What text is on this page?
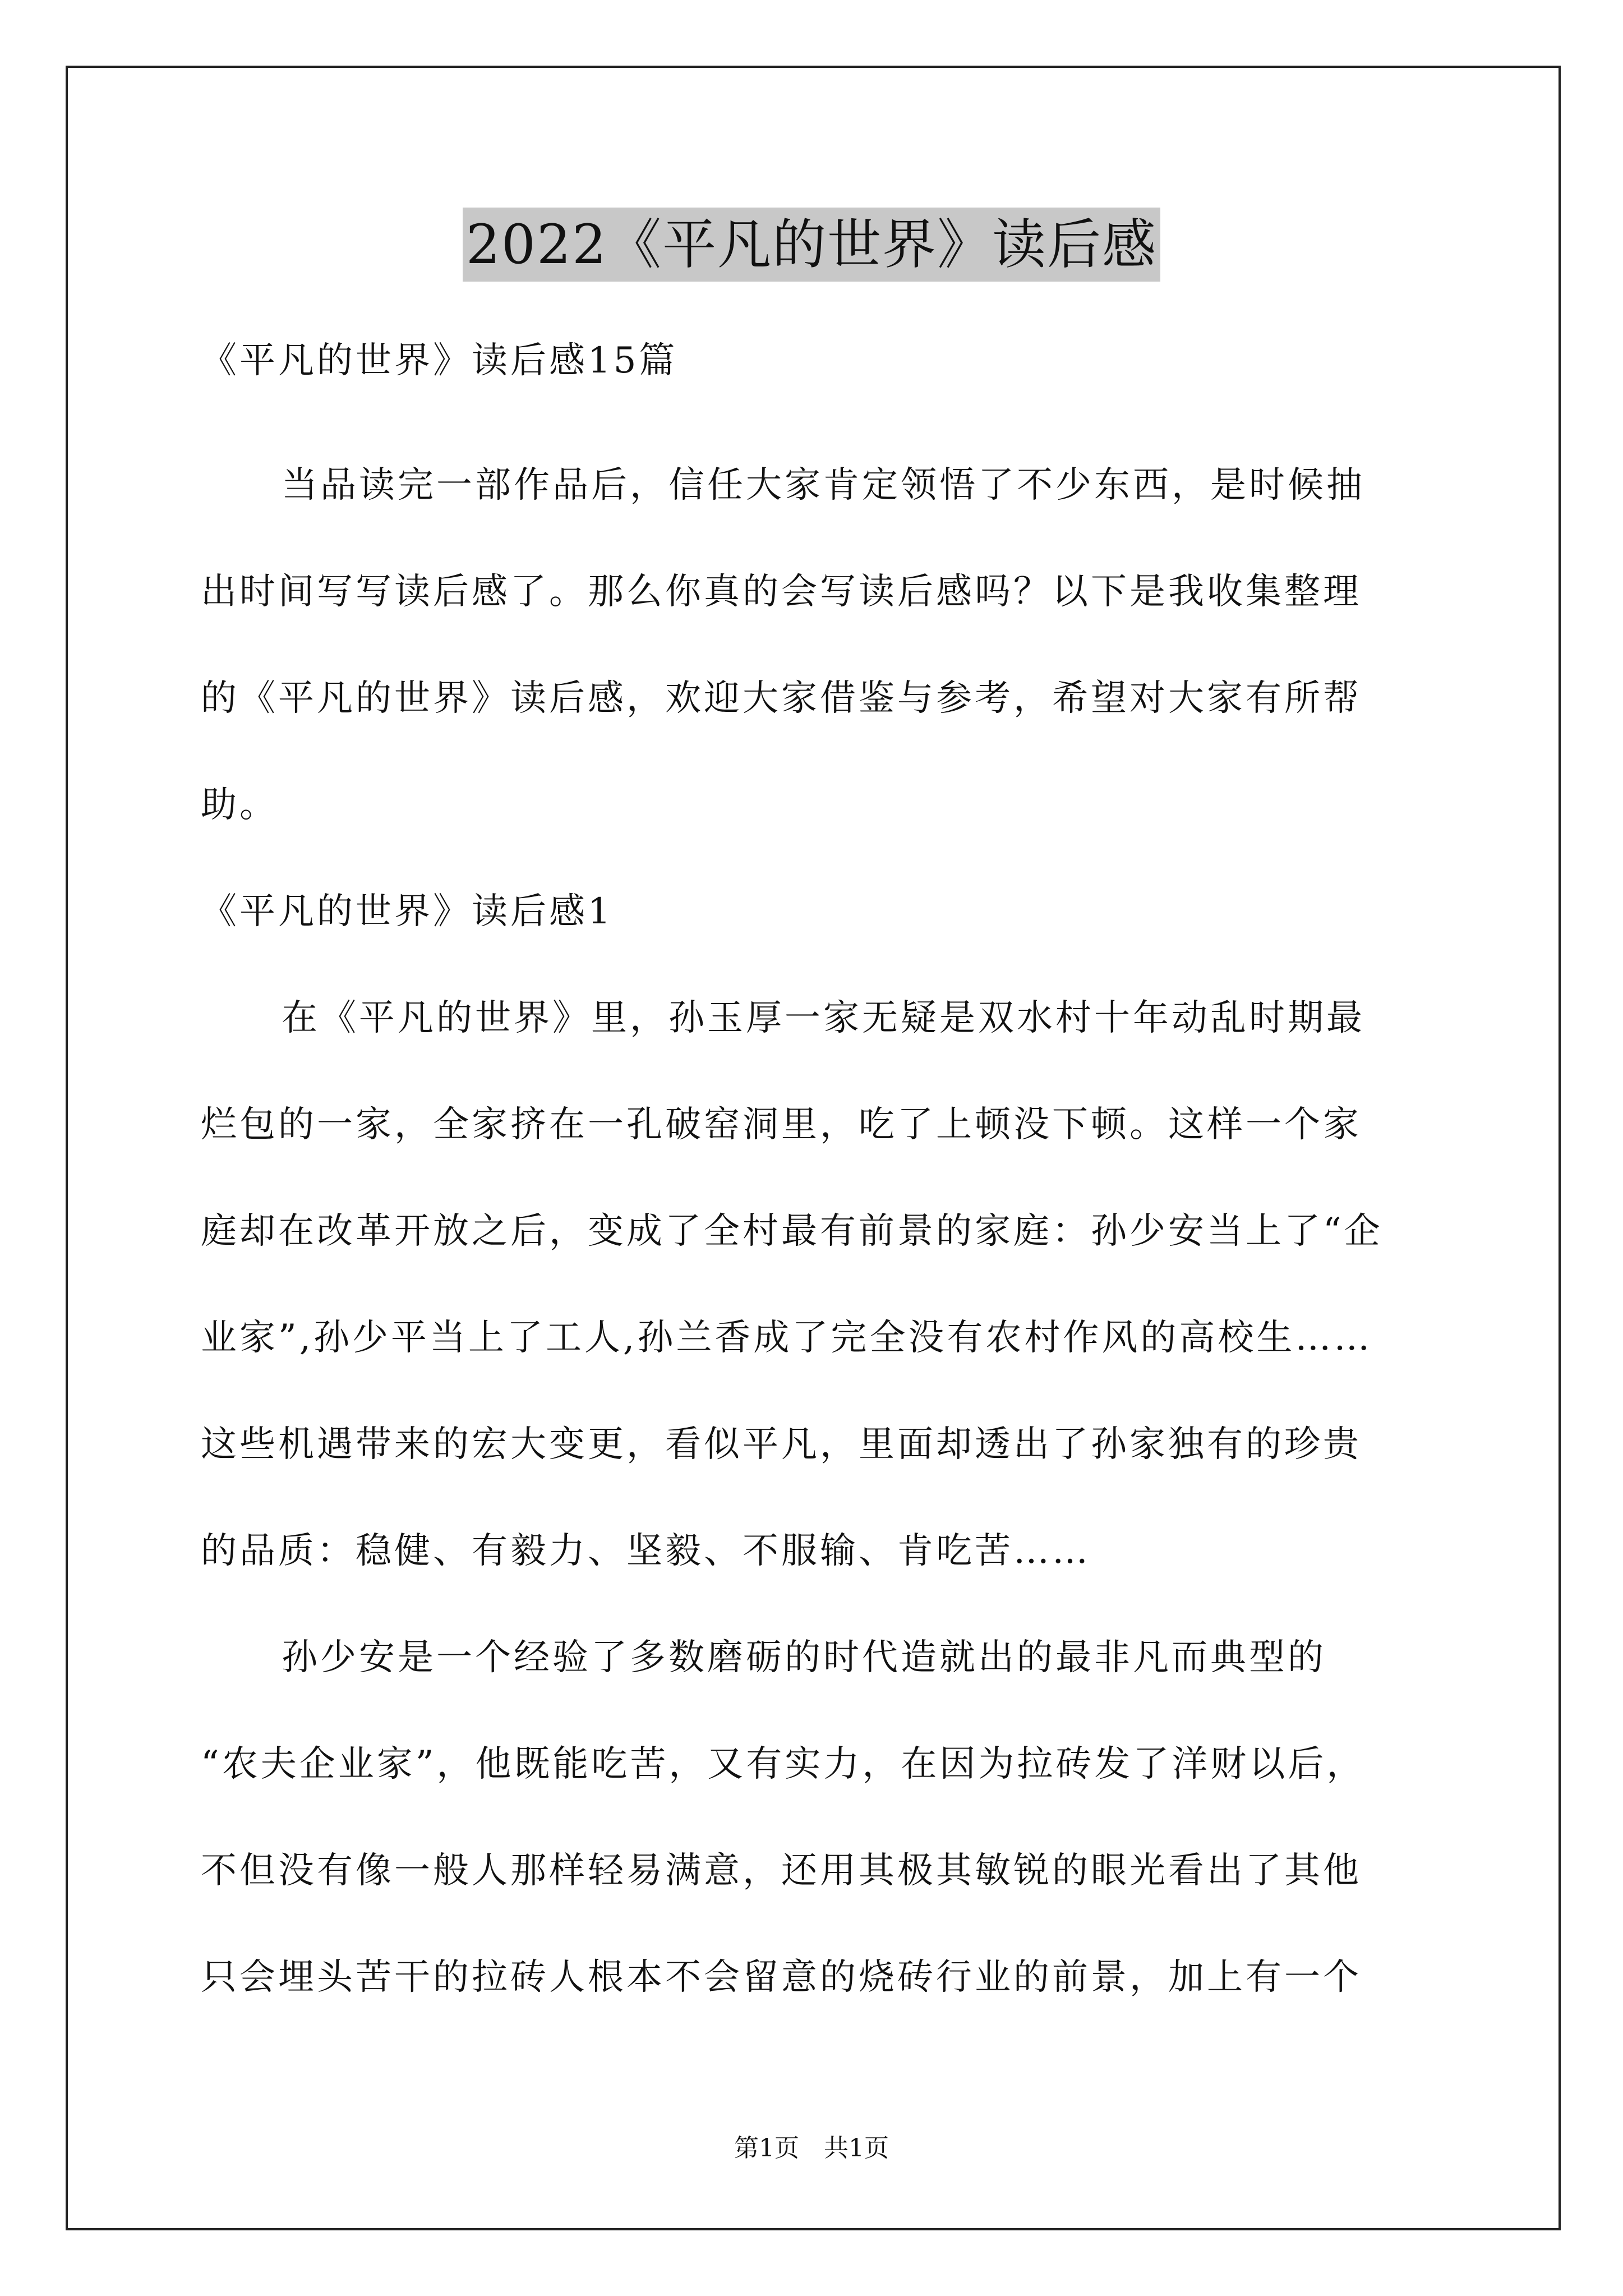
2022《平凡的世界》读后感
《平凡的世界》读后感15篇
当品读完一部作品后，信任大家肯定领悟了不少东西，是时候抽
出时间写写读后感了。那么你真的会写读后感吗？以下是我收集整理
的《平凡的世界》读后感，欢迎大家借鉴与参考，希望对大家有所帮
助。
《平凡的世界》读后感1
在《平凡的世界》里，孙玉厚一家无疑是双水村十年动乱时期最
烂包的一家，全家挤在一孔破窑洞里，吃了上顿没下顿。这样一个家
庭却在改革开放之后，变成了全村最有前景的家庭：孙少安当上了“企
业家”,孙少平当上了工人,孙兰香成了完全没有农村作风的高校生……
这些机遇带来的宏大变更，看似平凡，里面却透出了孙家独有的珍贵
的品质：稳健、有毅力、坚毅、不服输、肯吃苦……
孙少安是一个经验了多数磨砺的时代造就出的最非凡而典型的
“农夫企业家”，他既能吃苦，又有实力，在因为拉砖发了洋财以后，
不但没有像一般人那样轻易满意，还用其极其敏锐的眼光看出了其他
只会埋头苦干的拉砖人根本不会留意的烧砖行业的前景，加上有一个
第1页　共1页
